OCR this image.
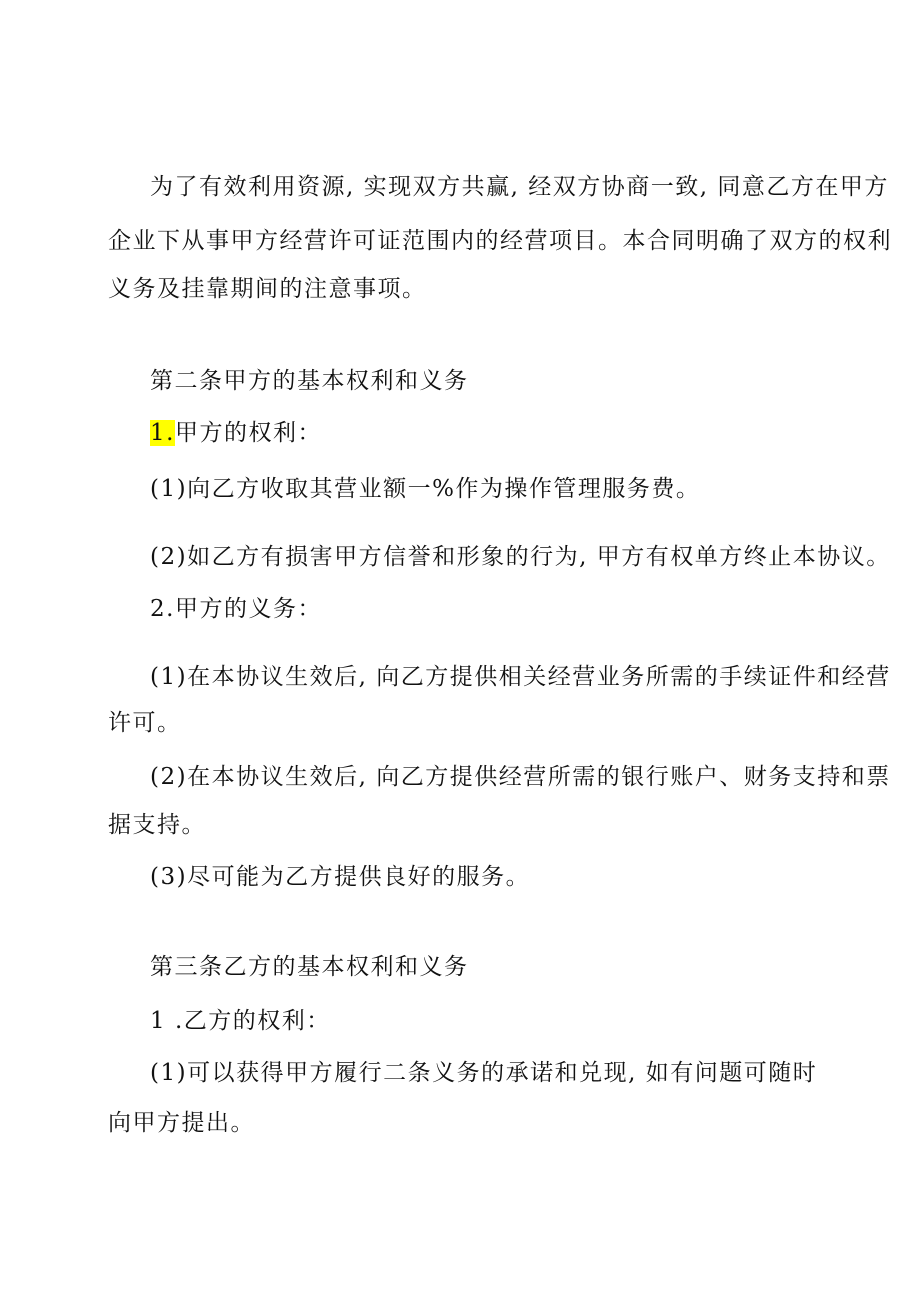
为了有效利用资源, 实现双方共赢, 经双方协商一致, 同意乙方在甲方
企业下从事甲方经营许可证范围内的经营项目。本合同明确了双方的权利
义务及挂靠期间的注意事项。
第二条甲方的基本权利和义务
1.甲方的权利：
(1)向乙方收取其营业额一%作为操作管理服务费。
(2)如乙方有损害甲方信誉和形象的行为, 甲方有权单方终止本协议。
2.甲方的义务：
(1)在本协议生效后, 向乙方提供相关经营业务所需的手续证件和经营
许可。
(2)在本协议生效后, 向乙方提供经营所需的银行账户、财务支持和票
据支持。
(3)尽可能为乙方提供良好的服务。
第三条乙方的基本权利和义务
1 .乙方的权利：
(1)可以获得甲方履行二条义务的承诺和兑现, 如有问题可随时
向甲方提出。
